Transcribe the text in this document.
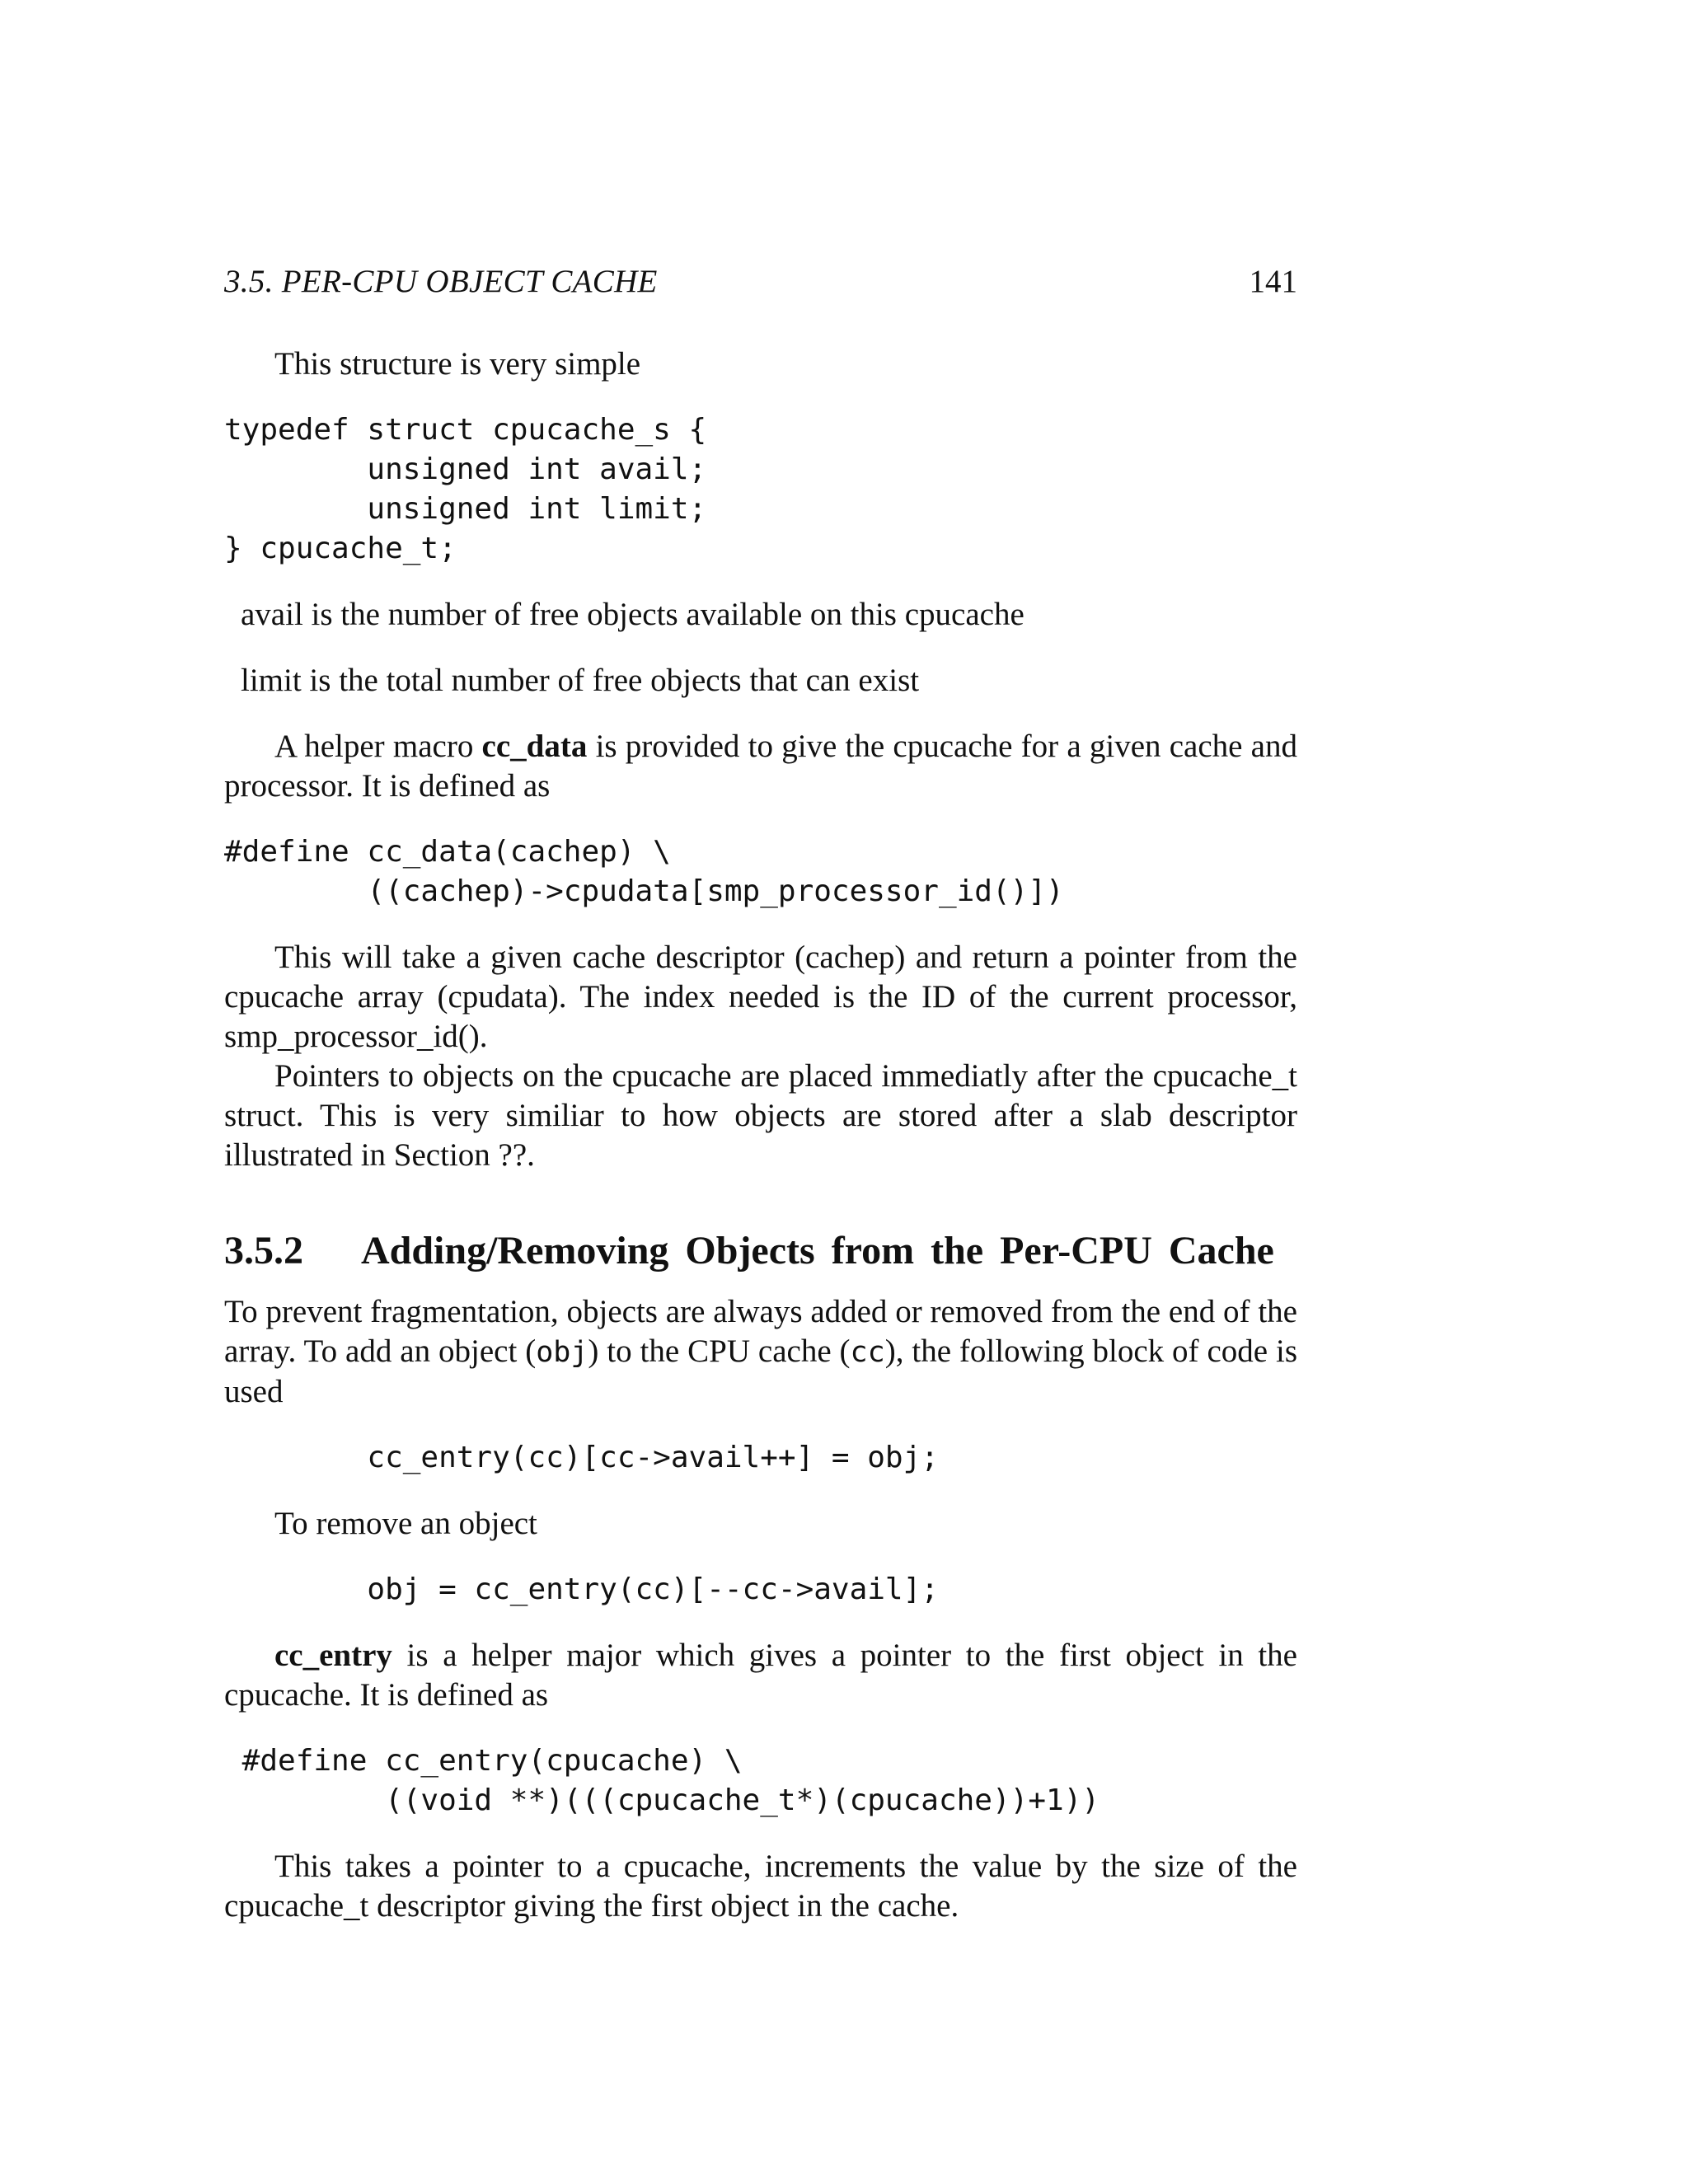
3.5. PER-CPU OBJECT CACHE	141

This structure is very simple

typedef struct cpucache_s {
unsigned int avail;
unsigned int limit;
} cpucache_t;

avail is the number of free objects available on this cpucache

limit is the total number of free objects that can exist

A helper macro cc_data is provided to give the cpucache for a given cache and processor. It is defined as

#define cc_data(cachep) \
((cachep)->cpudata[smp_processor_id()])

This will take a given cache descriptor (cachep) and return a pointer from the cpucache array (cpudata). The index needed is the ID of the current processor, smp_processor_id().

Pointers to objects on the cpucache are placed immediatly after the cpucache_t struct. This is very similiar to how objects are stored after a slab descriptor illustrated in Section ??.

3.5.2	Adding/Removing Objects from the Per-CPU Cache

To prevent fragmentation, objects are always added or removed from the end of the array. To add an object (obj) to the CPU cache (cc), the following block of code is used

cc_entry(cc)[cc->avail++] = obj;

To remove an object

obj = cc_entry(cc)[--cc->avail];

cc_entry is a helper major which gives a pointer to the first object in the cpucache. It is defined as

#define cc_entry(cpucache) \
((void **)(((cpucache_t*)(cpucache))+1))

This takes a pointer to a cpucache, increments the value by the size of the cpucache_t descriptor giving the first object in the cache.
